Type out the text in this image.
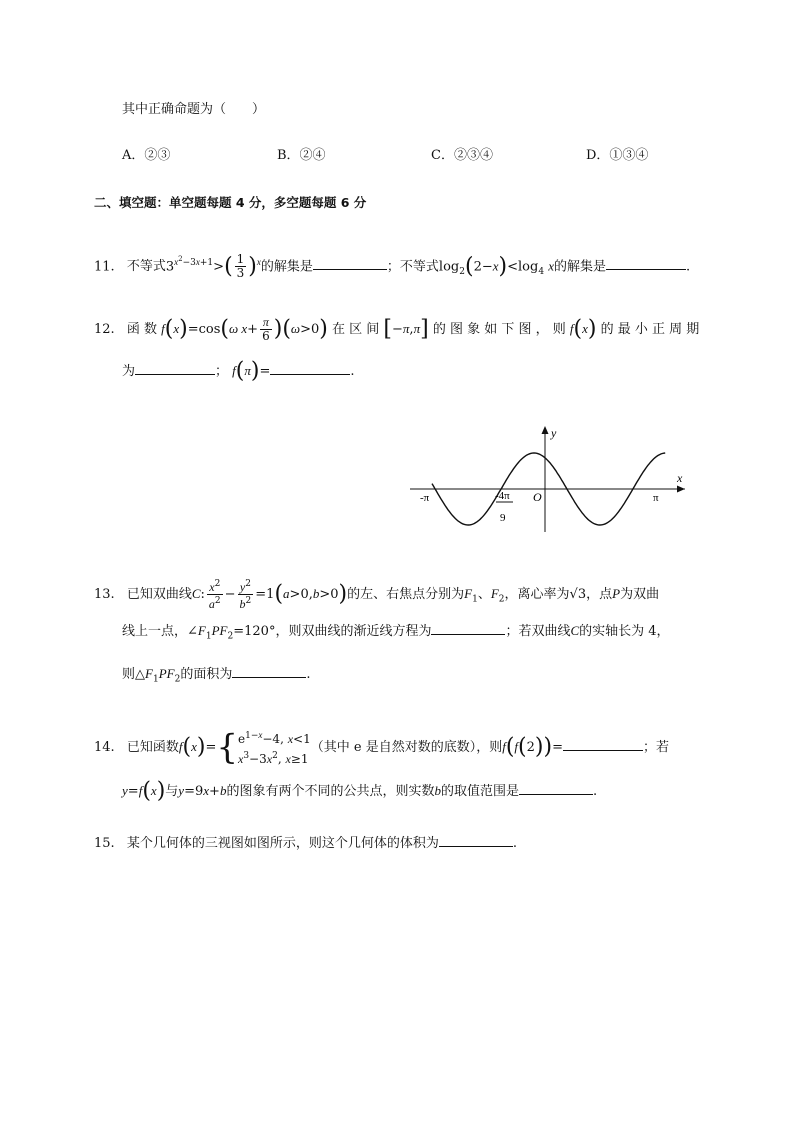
其中正确命题为（　　）
A．②③	B．②④	C．②③④	D．①③④
二、填空题：单空题每题 4 分，多空题每题 6 分
11. 不等式$3^{x^2-3x+1}>( \frac{1}{3} )^x$的解集是	；不等式$\log_2(2-x)<\log_4$ x的解集是	.
12. 函 数 f(x)=cos(ω $x+ \frac{\pi}{6} )(\omega>0)$ 在 区 间 [−π,π] 的 图 象 如 下 图 ， 则 f(x) 的 最 小 正 周 期
为	； f(π)=	.
x
y
O
-π	π
-4π
9
13. 已知双曲线C: $\frac{x^2}{a^2} - \frac{y^2}{b^2} =1(a>0,b>0)$的左、右焦点分别为$F_1$、$F_2$，离心率为√3，点P为双曲
线上一点，$\angle F_1PF_2=120^\circ$，则双曲线的渐近线方程为	；若双曲线C的实轴长为 4，
则$\triangle F_1PF_2$的面积为	.
14. 已知函数f(x)={ $e^{1-x}-4$, x<1
$x^3-3x^2$, x≥1
（其中 e 是自然对数的底数），则f(f(2))=	；若
y=f(x)与y=9x+b的图象有两个不同的公共点，则实数b的取值范围是	.
15. 某个几何体的三视图如图所示，则这个几何体的体积为	.
